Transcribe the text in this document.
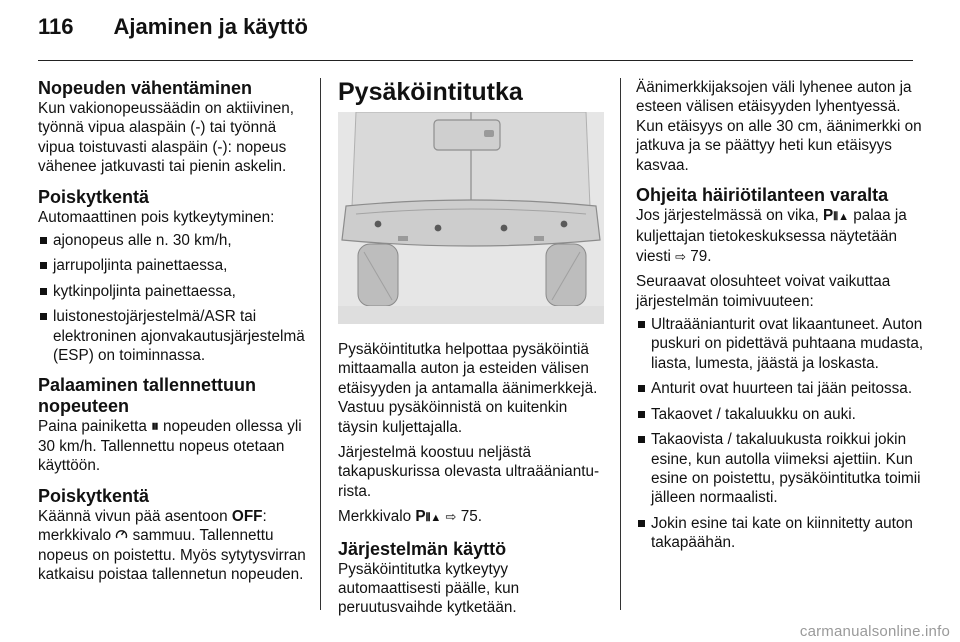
116 Ajaminen ja käyttö
Nopeuden vähentäminen

Kun vakionopeussäädin on aktiivinen, työnnä vipua alaspäin (-) tai työnnä vipua toistuvasti alaspäin (-): nopeus vähenee jatkuvasti tai pienin askelin.

Poiskytkentä

Automaattinen pois kytkeytyminen:

ajonopeus alle n. 30 km/h,
jarrupoljinta painettaessa,
kytkinpoljinta painettaessa,
luistonestojärjestelmä/ASR tai elektroninen ajonvakautusjärjestelmä (ESP) on toiminnassa.
Palaaminen tallennettuun nopeuteen

Paina painiketta ⏸ nopeuden ollessa yli 30 km/h. Tallennettu nopeus otetaan käyttöön.

Poiskytkentä

Käännä vivun pää asentoon OFF: merkkivalo  sammuu. Tallennettu nopeus on poistettu. Myös sytytysvirran katkaisu poistaa tallennetun nopeuden.

Pysäköintitutka

Pysäköintitutka helpottaa pysäköintiä mittaamalla auton ja esteiden välisen etäisyyden ja antamalla äänimerkkejä. Vastuu pysäköinnistä on kuitenkin täysin kuljettajalla.

Järjestelmä koostuu neljästä takapuskurissa olevasta ultraääniantu-rista.

Merkkivalo P⦀▲ ⇨ 75.

Järjestelmän käyttö

Pysäköintitutka kytkeytyy automaattisesti päälle, kun peruutusvaihde kytketään.

Äänimerkkijaksojen väli lyhenee auton ja esteen välisen etäisyyden lyhentyessä. Kun etäisyys on alle 30 cm, äänimerkki on jatkuva ja se päättyy heti kun etäisyys kasvaa.

Ohjeita häiriötilanteen varalta

Jos järjestelmässä on vika, P⦀▲ palaa ja kuljettajan tietokeskuksessa näytetään viesti ⇨ 79.

Seuraavat olosuhteet voivat vaikuttaa järjestelmän toimivuuteen:

Ultraäänianturit ovat likaantuneet. Auton puskuri on pidettävä puhtaana mudasta, liasta, lumesta, jäästä ja loskasta.
Anturit ovat huurteen tai jään peitossa.
Takaovet / takaluukku on auki.
Takaovista / takaluukusta roikkui jokin esine, kun autolla viimeksi ajettiin. Kun esine on poistettu, pysäköintitutka toimii jälleen normaalisti.
Jokin esine tai kate on kiinnitetty auton takapäähän.
carmanualsonline.info
